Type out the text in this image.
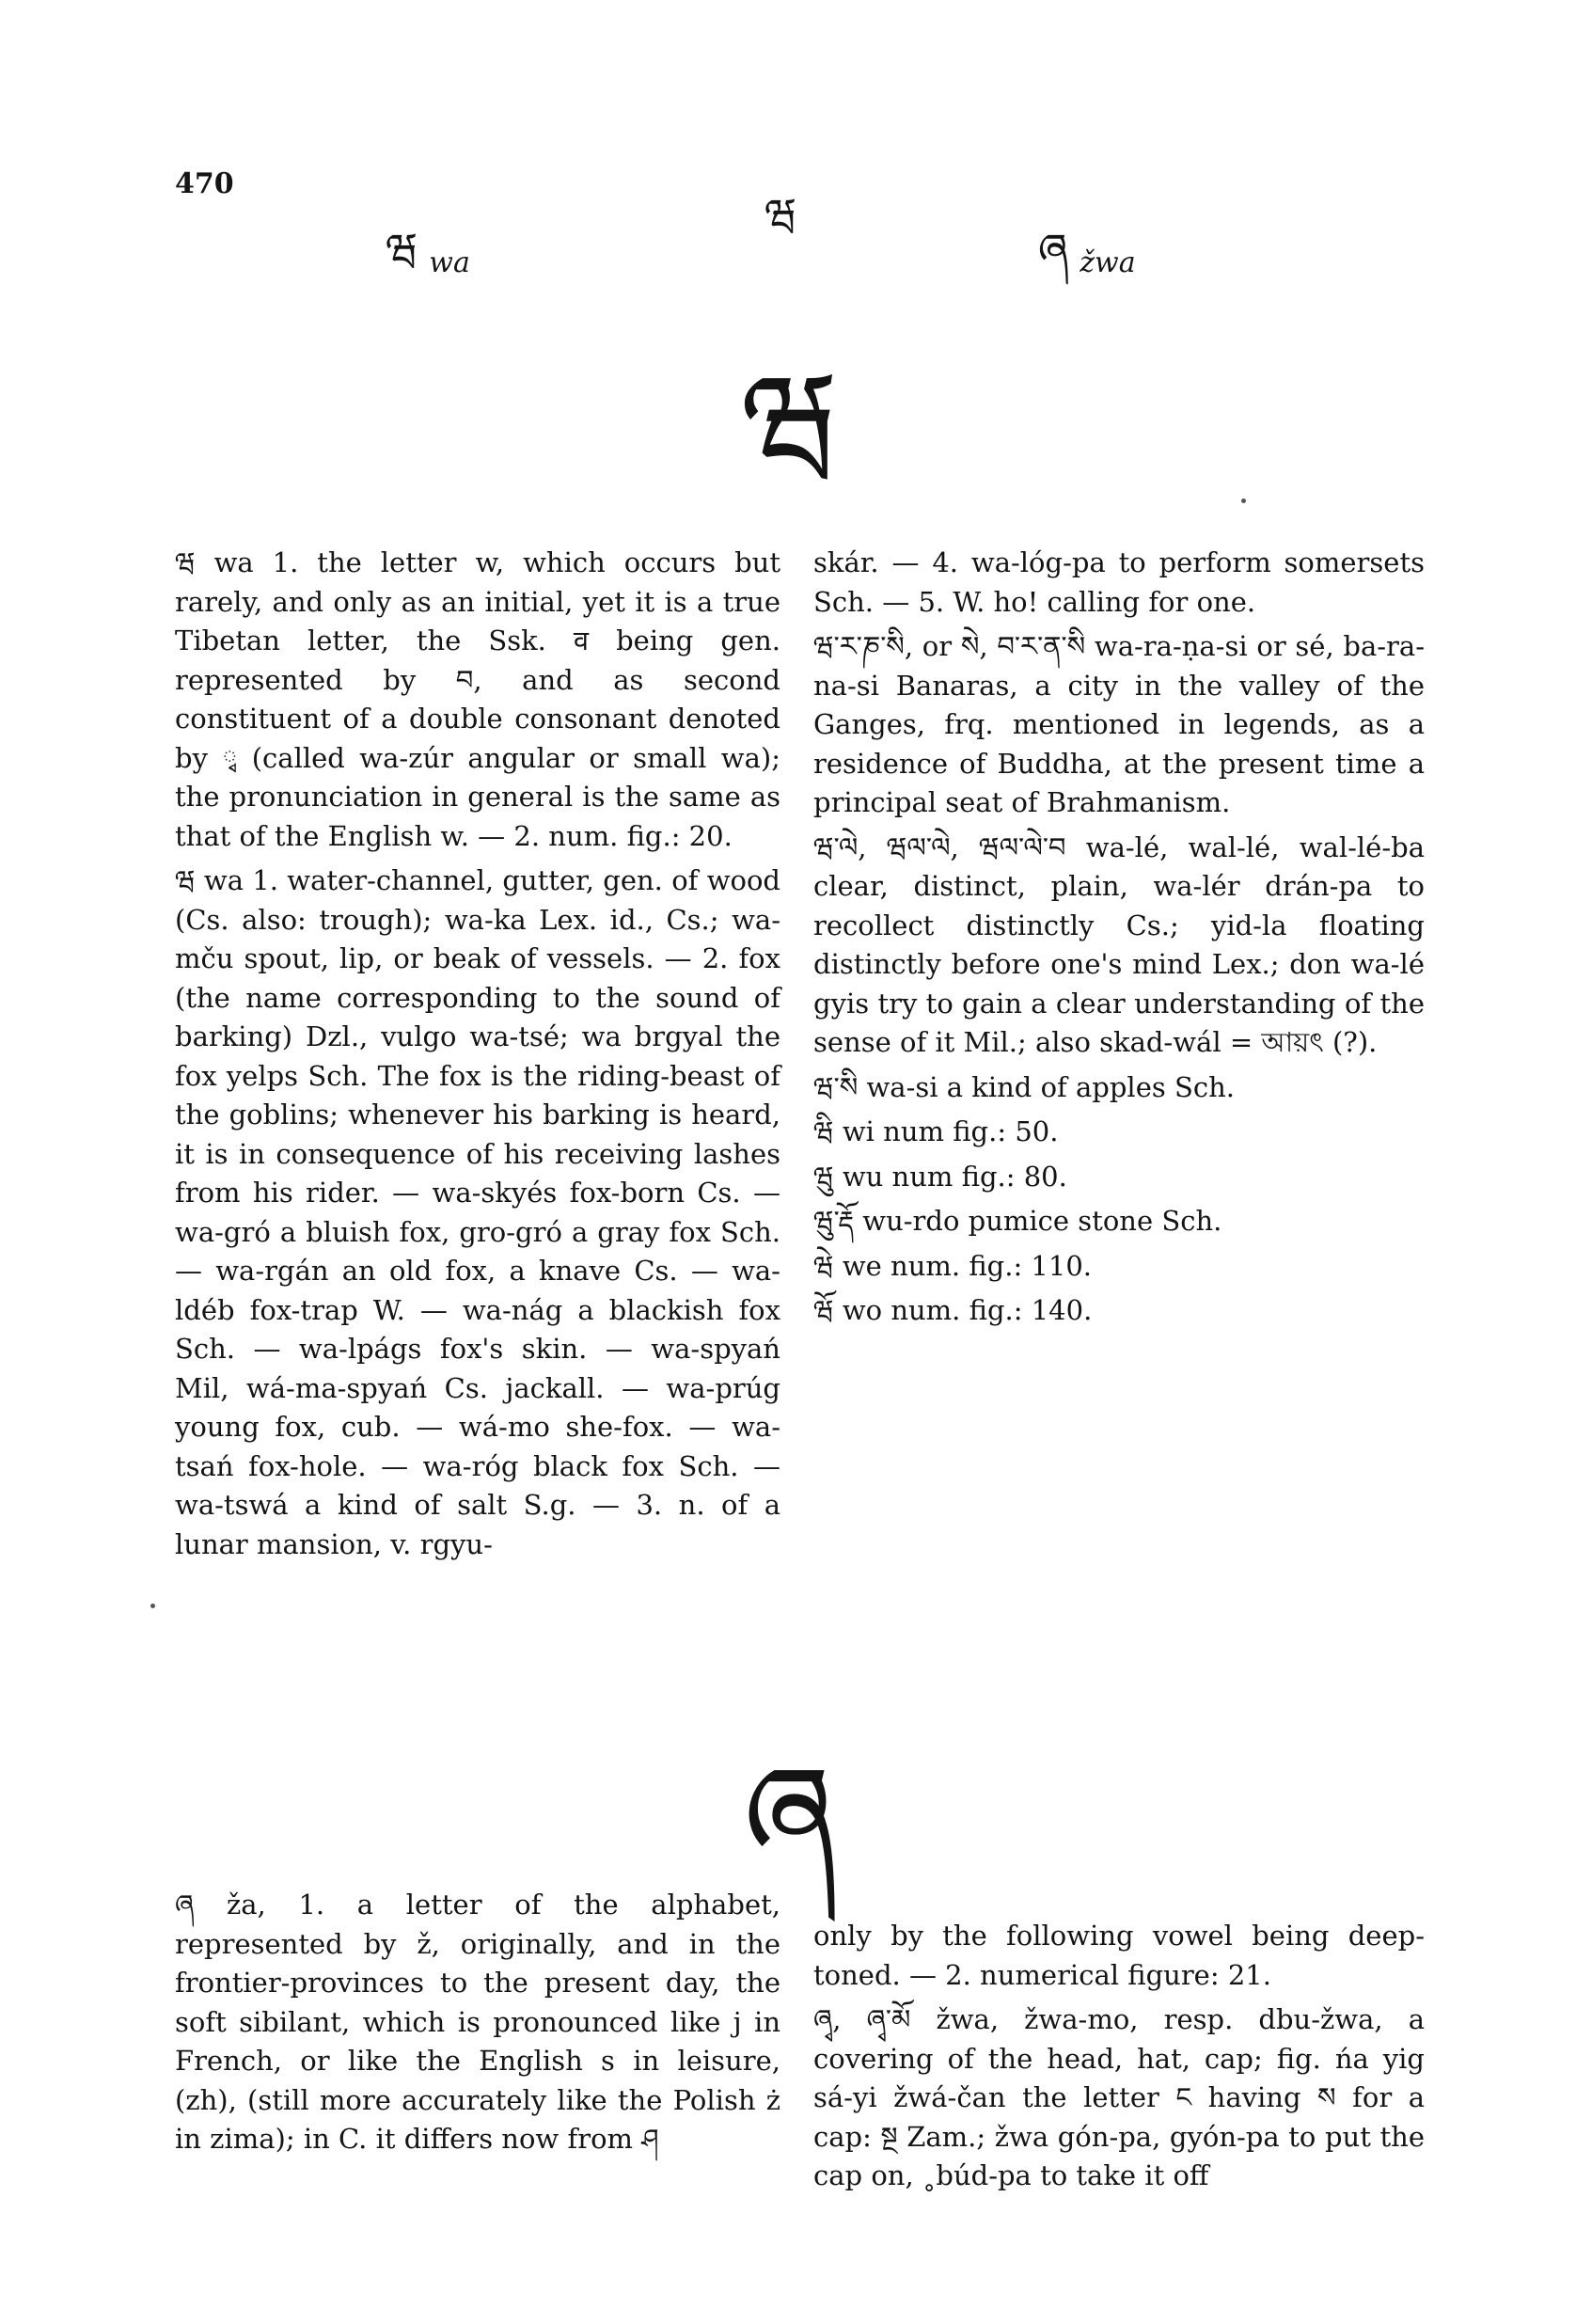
470
ཝwa
ཝ
ཞžwa
ཝ

ཝ wa 1. the letter w, which occurs but rarely, and only as an initial, yet it is a true Tibetan letter, the Ssk. व being gen. represented by བ, and as second constituent of a double consonant denoted by ྭ (called wa-zúr angular or small wa); the pronunciation in general is the same as that of the English w. — 2. num. fig.: 20.

ཝ wa 1. water-channel, gutter, gen. of wood (Cs. also: trough); wa-ka Lex. id., Cs.; wa-mču spout, lip, or beak of vessels. — 2. fox (the name corresponding to the sound of barking) Dzl., vulgo wa-tsé; wa brgyal the fox yelps Sch. The fox is the riding-beast of the goblins; whenever his barking is heard, it is in consequence of his receiving lashes from his rider. — wa-skyés fox-born Cs. — wa-gró a bluish fox, gro-gró a gray fox Sch. — wa-rgán an old fox, a knave Cs. — wa-ldéb fox-trap W. — wa-nág a blackish fox Sch. — wa-lpágs fox's skin. — wa-spyań Mil, wá-ma-spyań Cs. jackall. — wa-prúg young fox, cub. — wá-mo she-fox. — wa-tsań fox-hole. — wa-róg black fox Sch. — wa-tswá a kind of salt S.g. — 3. n. of a lunar mansion, v. rgyu-

skár. — 4. wa-lóg-pa to perform somersets Sch. — 5. W. ho! calling for one.

ཝ་ར་ཎ་སི, or སེ, བ་ར་ན་སི wa-ra-ṇa-si or sé, ba-ra-na-si Banaras, a city in the valley of the Ganges, frq. mentioned in legends, as a residence of Buddha, at the present time a principal seat of Brahmanism.

ཝ་ལེ, ཝལ་ལེ, ཝལ་ལེ་བ wa-lé, wal-lé, wal-lé-ba clear, distinct, plain, wa-lér drán-pa to recollect distinctly Cs.; yid-la floating distinctly before one's mind Lex.; don wa-lé gyis try to gain a clear understanding of the sense of it Mil.; also skad-wál = আয়ৎ (?).

ཝ་སི wa-si a kind of apples Sch.

ཝི wi num fig.: 50.

ཝུ wu num fig.: 80.

ཝུ་རྡོ wu-rdo pumice stone Sch.

ཝེ we num. fig.: 110.

ཝོ wo num. fig.: 140.

ཞ

ཞ ža, 1. a letter of the alphabet, represented by ž, originally, and in the frontier-provinces to the present day, the soft sibilant, which is pronounced like j in French, or like the English s in leisure, (zh), (still more accurately like the Polish ż in zima); in C. it differs now from ཤ

only by the following vowel being deep-toned. — 2. numerical figure: 21.

ཞྭ, ཞྭ་མོ žwa, žwa-mo, resp. dbu-žwa, a covering of the head, hat, cap; fig. ńa yig sá-yi žwá-čan the letter ང having ས for a cap: སྔ Zam.; žwa gón-pa, gyón-pa to put the cap on, ˳búd-pa to take it off
